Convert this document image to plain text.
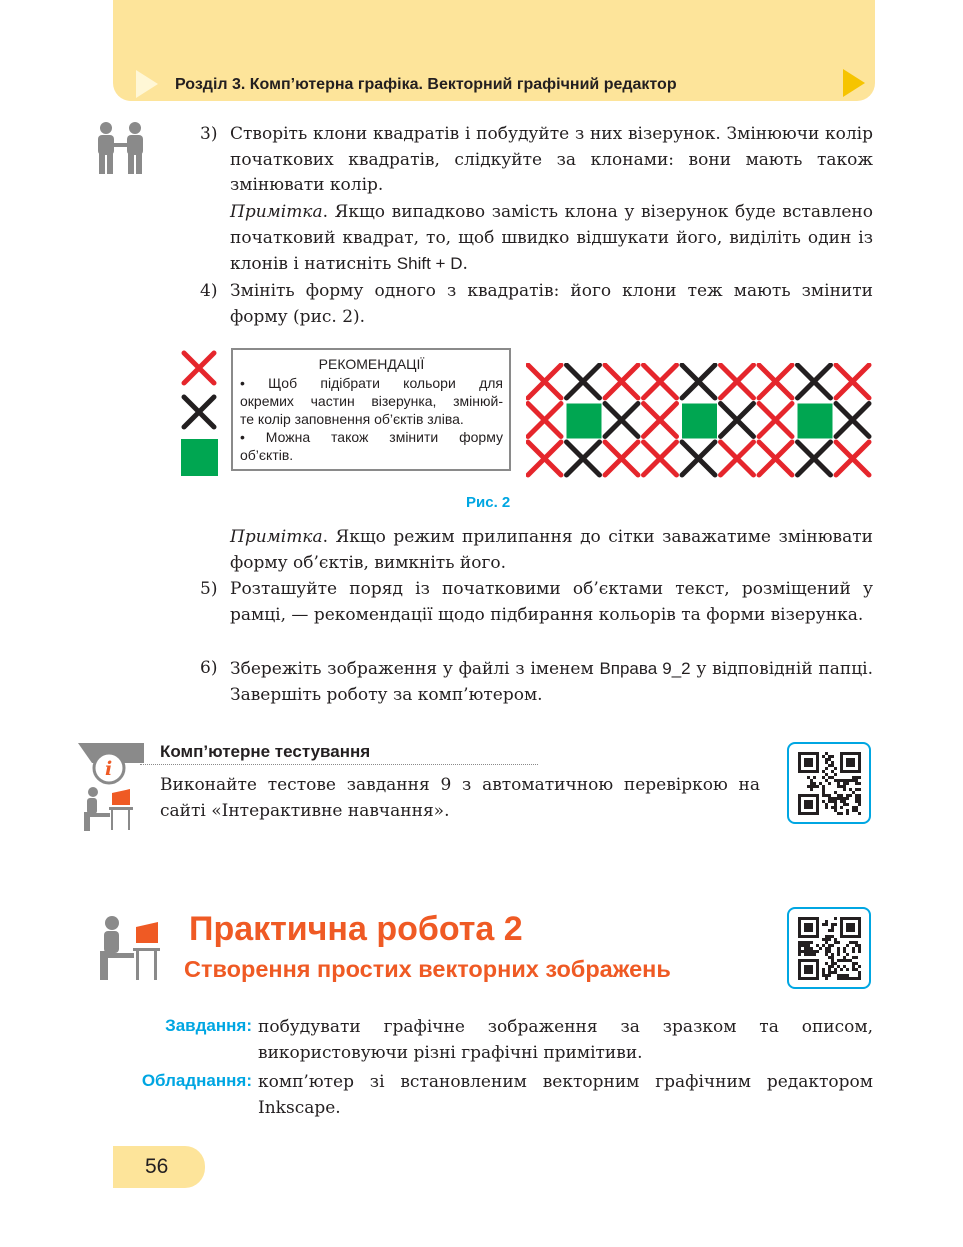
Розділ 3. Комп’ютерна графіка. Векторний графічний редактор
3) Створіть клони квадратів і побудуйте з них візерунок. Змінюючи колір початкових квадратів, слідкуйте за клонами: вони мають також змінювати колір.
Примітка. Якщо випадково замість клона у візерунок буде вставлено початковий квадрат, то, щоб швидко відшукати його, виділіть один із клонів і натисніть Shift + D.
4) Змініть форму одного з квадратів: його клони теж мають змінити форму (рис. 2).
РЕКОМЕНДАЦІЇ
• Щоб підібрати кольори для
окремих частин візерунка, змінюй-
те колір заповнення об’єктів зліва.
• Можна також змінити форму
об’єктів.
Рис. 2
Примітка. Якщо режим прилипання до сітки заважатиме змінювати форму об’єктів, вимкніть його.
5) Розташуйте поряд із початковими об’єктами текст, розміщений у рамці, — рекомендації щодо підбирання кольорів та форми візерунка.
6) Збережіть зображення у файлі з іменем Вправа 9_2 у відповідній папці. Завершіть роботу за комп’ютером.
i
Комп’ютерне тестування
Виконайте тестове завдання 9 з автоматичною перевіркою на сайті «Інтерактивне навчання».
Практична робота 2
Створення простих векторних зображень
Завдання: побудувати графічне зображення за зразком та описом, використовуючи різні графічні примітиви.
Обладнання: комп’ютер зі встановленим векторним графічним редактором Inkscape.
56
